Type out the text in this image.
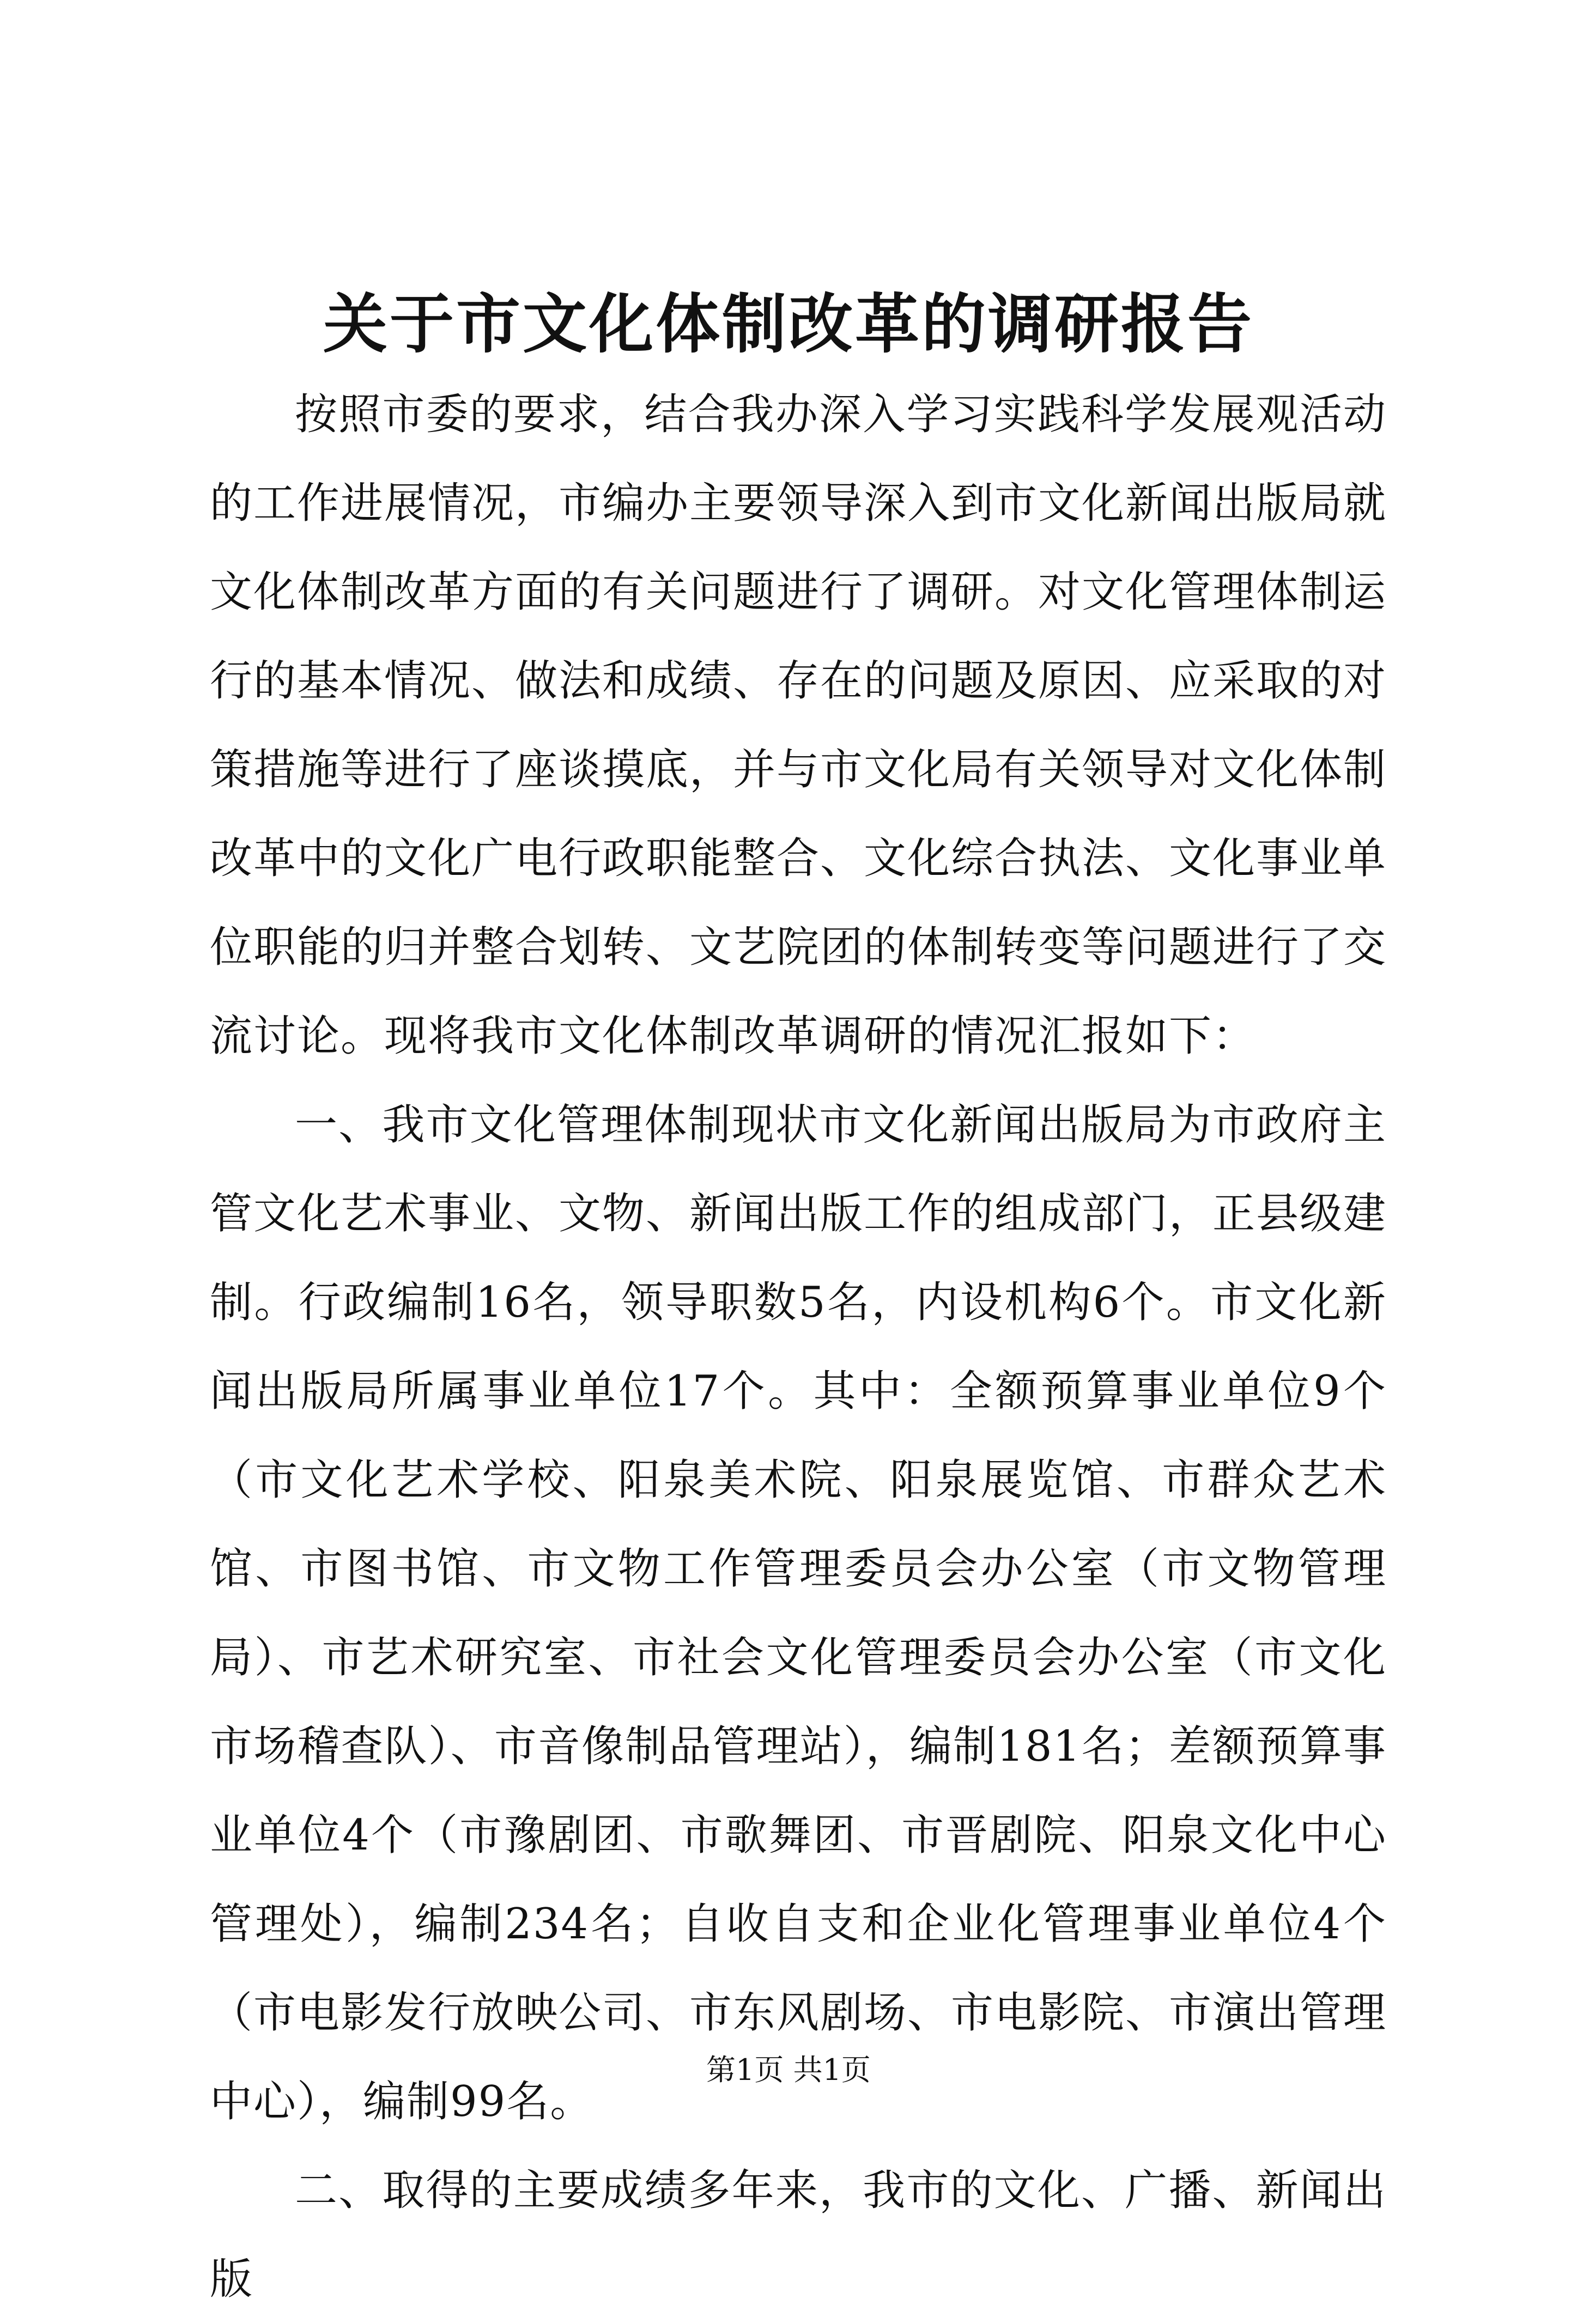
关于市文化体制改革的调研报告

按照市委的要求，结合我办深入学习实践科学发展观活动的工作进展情况，市编办主要领导深入到市文化新闻出版局就文化体制改革方面的有关问题进行了调研。对文化管理体制运行的基本情况、做法和成绩、存在的问题及原因、应采取的对策措施等进行了座谈摸底，并与市文化局有关领导对文化体制改革中的文化广电行政职能整合、文化综合执法、文化事业单位职能的归并整合划转、文艺院团的体制转变等问题进行了交流讨论。现将我市文化体制改革调研的情况汇报如下：

一、我市文化管理体制现状市文化新闻出版局为市政府主管文化艺术事业、文物、新闻出版工作的组成部门，正县级建制。行政编制16名，领导职数5名，内设机构6个。市文化新闻出版局所属事业单位17个。其中：全额预算事业单位9个（市文化艺术学校、阳泉美术院、阳泉展览馆、市群众艺术馆、市图书馆、市文物工作管理委员会办公室（市文物管理局）、市艺术研究室、市社会文化管理委员会办公室（市文化市场稽查队）、市音像制品管理站），编制181名；差额预算事业单位4个（市豫剧团、市歌舞团、市晋剧院、阳泉文化中心管理处），编制234名；自收自支和企业化管理事业单位4个（市电影发行放映公司、市东风剧场、市电影院、市演出管理中心），编制99名。

二、取得的主要成绩多年来，我市的文化、广播、新闻出版

第1页 共1页
